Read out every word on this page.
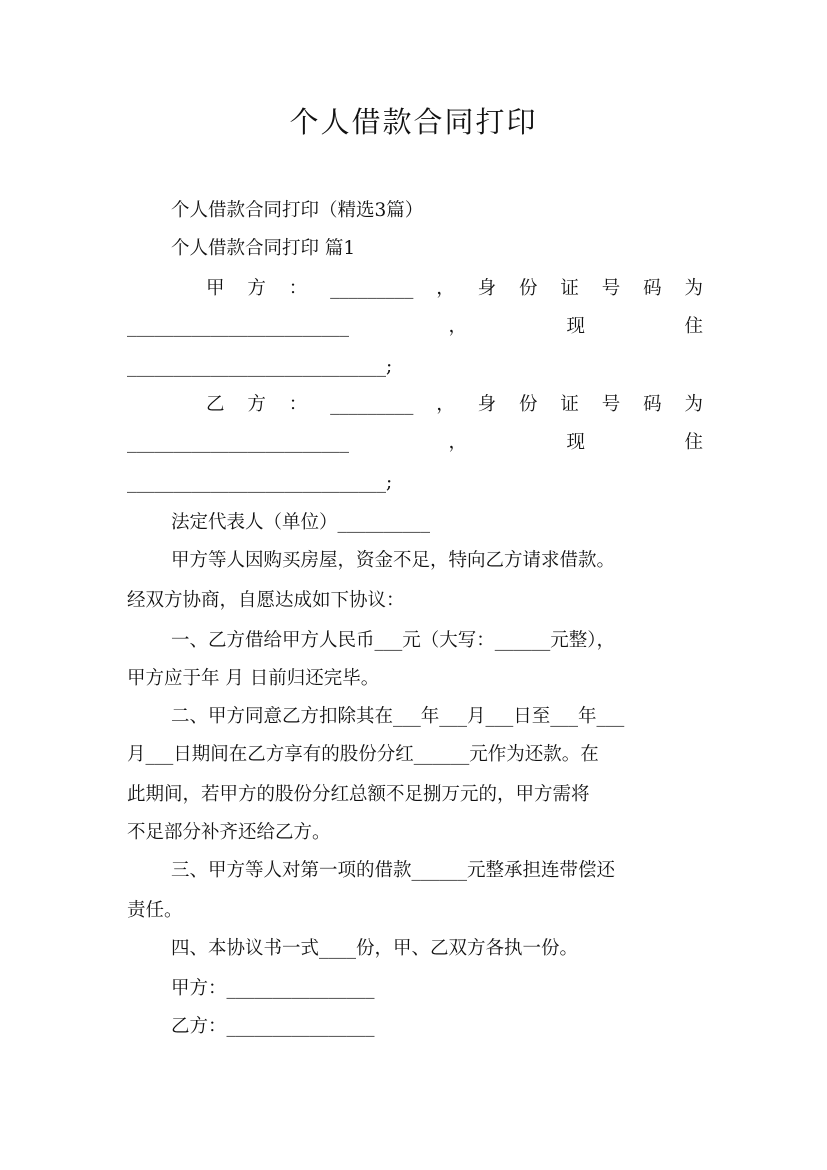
个人借款合同打印
个人借款合同打印（精选3篇）
个人借款合同打印 篇1
甲 方 ： _________ ， 身 份 证 号 码 为
________________________	，	现	住
____________________________;
乙 方 ： _________ ， 身 份 证 号 码 为
________________________	，	现	住
____________________________;
法定代表人（单位）__________
甲方等人因购买房屋，资金不足，特向乙方请求借款。
经双方协商，自愿达成如下协议：
一、乙方借给甲方人民币___元（大写：______元整），
甲方应于年 月 日前归还完毕。
二、甲方同意乙方扣除其在___年___月___日至___年___
月___日期间在乙方享有的股份分红______元作为还款。在
此期间，若甲方的股份分红总额不足捌万元的，甲方需将
不足部分补齐还给乙方。
三、甲方等人对第一项的借款______元整承担连带偿还
责任。
四、本协议书一式____份，甲、乙双方各执一份。
甲方：________________
乙方：________________
